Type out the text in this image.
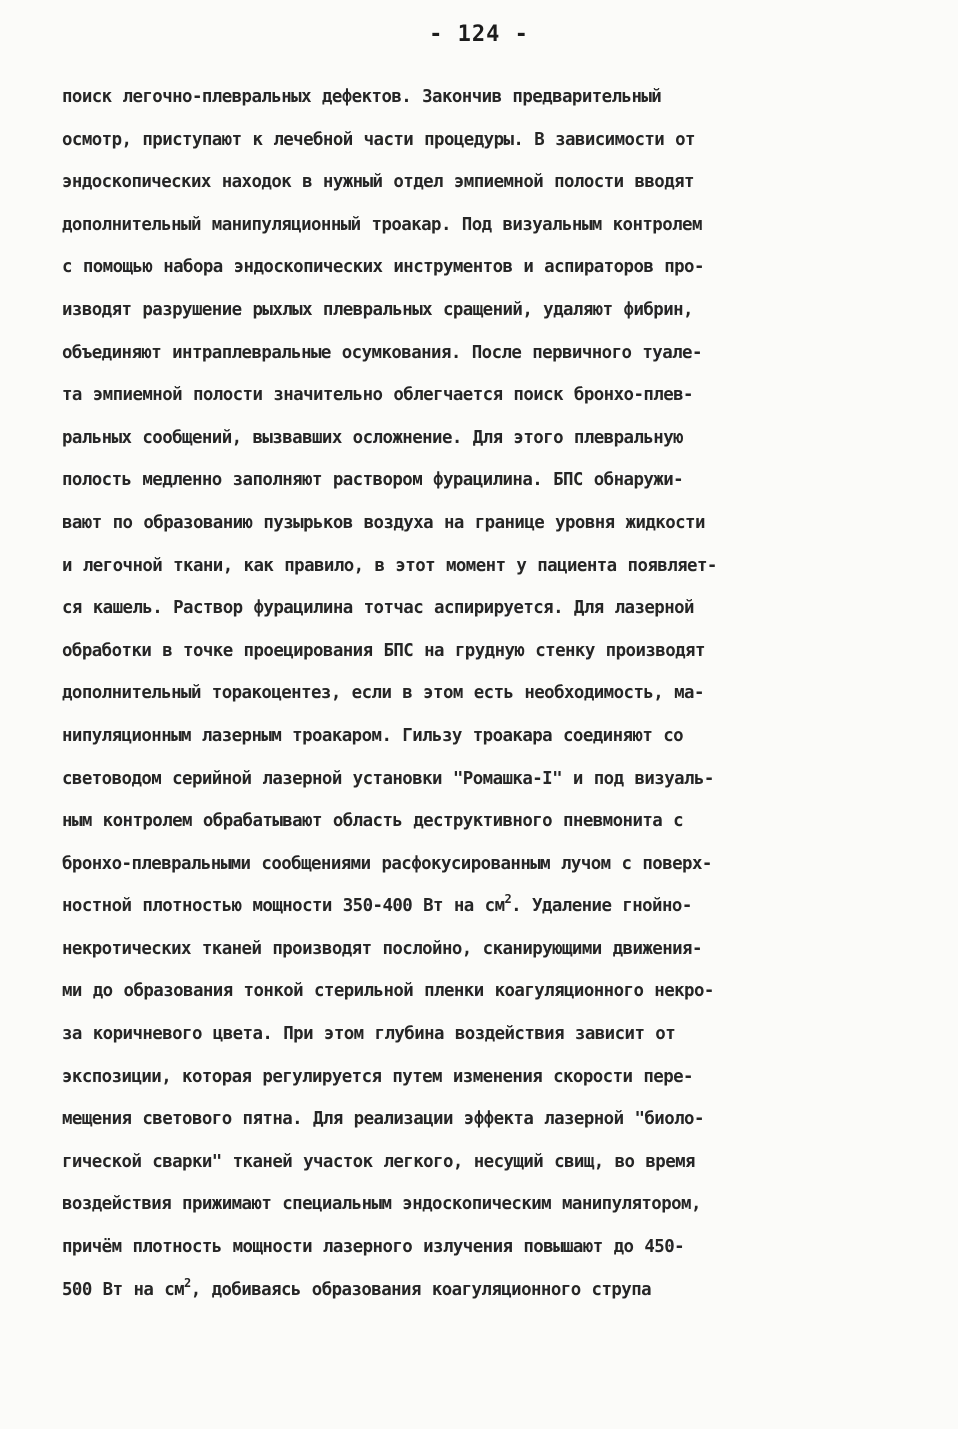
- 124 -
поиск легочно-плевральных дефектов. Закончив предварительный
осмотр, приступают к лечебной части процедуры. В зависимости от
эндоскопических находок в нужный отдел эмпиемной полости вводят
дополнительный манипуляционный троакар. Под визуальным контролем
с помощью набора эндоскопических инструментов и аспираторов про-
изводят разрушение рыхлых плевральных сращений, удаляют фибрин,
объединяют интраплевральные осумкования. После первичного туале-
та эмпиемной полости значительно облегчается поиск бронхо-плев-
ральных сообщений, вызвавших осложнение. Для этого плевральную
полость медленно заполняют раствором фурацилина. БПС обнаружи-
вают по образованию пузырьков воздуха на границе уровня жидкости
и легочной ткани, как правило, в этот момент у пациента появляет-
ся кашель. Раствор фурацилина тотчас аспирируется. Для лазерной
обработки в точке проецирования БПС на грудную стенку производят
дополнительный торакоцентез, если в этом есть необходимость, ма-
нипуляционным лазерным троакаром. Гильзу троакара соединяют со
световодом серийной лазерной установки "Ромашка-I" и под визуаль-
ным контролем обрабатывают область деструктивного пневмонита с
бронхо-плевральными сообщениями расфокусированным лучом с поверх-
ностной плотностью мощности 350-400 Вт на $см^2$. Удаление гнойно-
некротических тканей производят послойно, сканирующими движения-
ми до образования тонкой стерильной пленки коагуляционного некро-
за коричневого цвета. При этом глубина воздействия зависит от
экспозиции, которая регулируется путем изменения скорости пере-
мещения светового пятна. Для реализации эффекта лазерной "биоло-
гической сварки" тканей участок легкого, несущий свищ, во время
воздействия прижимают специальным эндоскопическим манипулятором,
причём плотность мощности лазерного излучения повышают до 450-
500 Вт на $см^2$, добиваясь образования коагуляционного струпа
